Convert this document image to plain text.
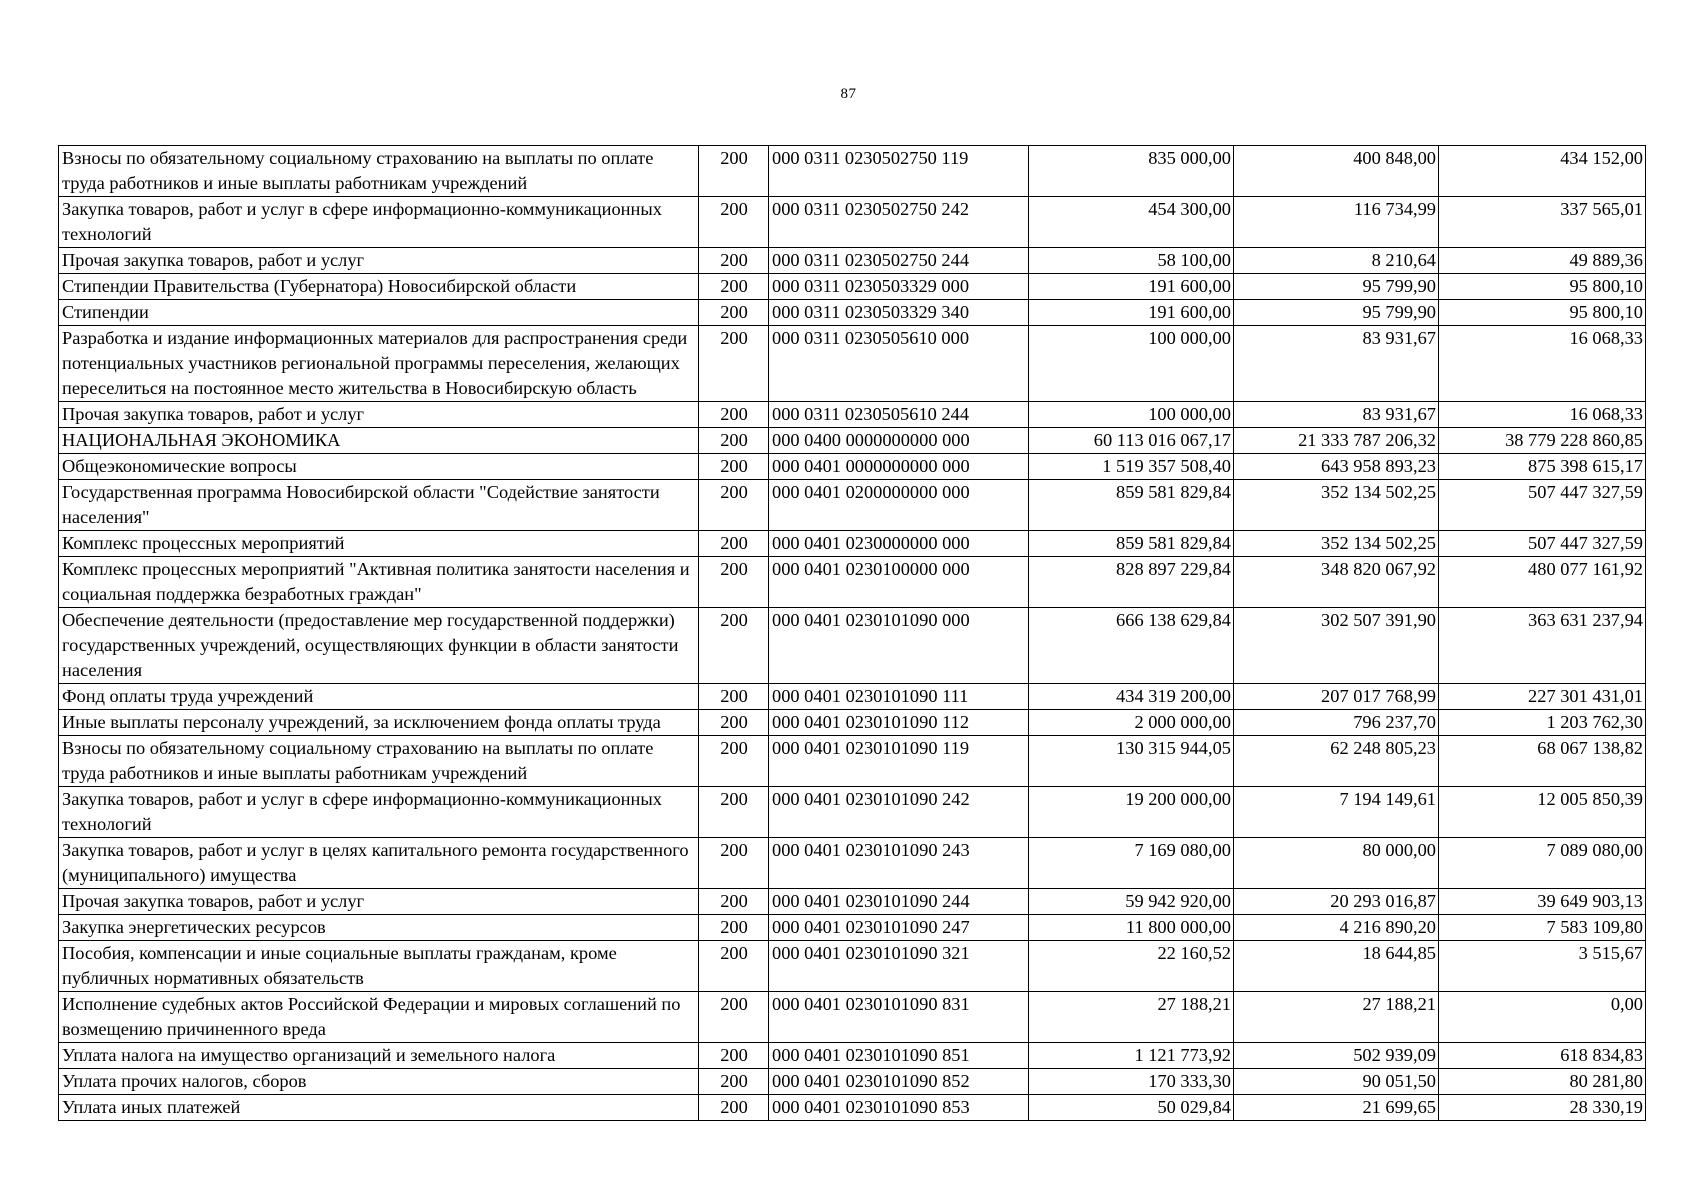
87
Взносы по обязательному социальному страхованию на выплаты по оплате труда работников и иные выплаты работникам учреждений	200	000 0311 0230502750 119	835 000,00	400 848,00	434 152,00
Закупка товаров, работ и услуг в сфере информационно-коммуникационных технологий	200	000 0311 0230502750 242	454 300,00	116 734,99	337 565,01
Прочая закупка товаров, работ и услуг	200	000 0311 0230502750 244	58 100,00	8 210,64	49 889,36
Стипендии Правительства (Губернатора) Новосибирской области	200	000 0311 0230503329 000	191 600,00	95 799,90	95 800,10
Стипендии	200	000 0311 0230503329 340	191 600,00	95 799,90	95 800,10
Разработка и издание информационных материалов для распространения среди потенциальных участников региональной программы переселения, желающих переселиться на постоянное место жительства в Новосибирскую область	200	000 0311 0230505610 000	100 000,00	83 931,67	16 068,33
Прочая закупка товаров, работ и услуг	200	000 0311 0230505610 244	100 000,00	83 931,67	16 068,33
НАЦИОНАЛЬНАЯ ЭКОНОМИКА	200	000 0400 0000000000 000	60 113 016 067,17	21 333 787 206,32	38 779 228 860,85
Общеэкономические вопросы	200	000 0401 0000000000 000	1 519 357 508,40	643 958 893,23	875 398 615,17
Государственная программа Новосибирской области "Содействие занятости населения"	200	000 0401 0200000000 000	859 581 829,84	352 134 502,25	507 447 327,59
Комплекс процессных мероприятий	200	000 0401 0230000000 000	859 581 829,84	352 134 502,25	507 447 327,59
Комплекс процессных мероприятий "Активная политика занятости населения и социальная поддержка безработных граждан"	200	000 0401 0230100000 000	828 897 229,84	348 820 067,92	480 077 161,92
Обеспечение деятельности (предоставление мер государственной поддержки) государственных учреждений, осуществляющих функции в области занятости населения	200	000 0401 0230101090 000	666 138 629,84	302 507 391,90	363 631 237,94
Фонд оплаты труда учреждений	200	000 0401 0230101090 111	434 319 200,00	207 017 768,99	227 301 431,01
Иные выплаты персоналу учреждений, за исключением фонда оплаты труда	200	000 0401 0230101090 112	2 000 000,00	796 237,70	1 203 762,30
Взносы по обязательному социальному страхованию на выплаты по оплате труда работников и иные выплаты работникам учреждений	200	000 0401 0230101090 119	130 315 944,05	62 248 805,23	68 067 138,82
Закупка товаров, работ и услуг в сфере информационно-коммуникационных технологий	200	000 0401 0230101090 242	19 200 000,00	7 194 149,61	12 005 850,39
Закупка товаров, работ и услуг в целях капитального ремонта государственного (муниципального) имущества	200	000 0401 0230101090 243	7 169 080,00	80 000,00	7 089 080,00
Прочая закупка товаров, работ и услуг	200	000 0401 0230101090 244	59 942 920,00	20 293 016,87	39 649 903,13
Закупка энергетических ресурсов	200	000 0401 0230101090 247	11 800 000,00	4 216 890,20	7 583 109,80
Пособия, компенсации и иные социальные выплаты гражданам, кроме публичных нормативных обязательств	200	000 0401 0230101090 321	22 160,52	18 644,85	3 515,67
Исполнение судебных актов Российской Федерации и мировых соглашений по возмещению причиненного вреда	200	000 0401 0230101090 831	27 188,21	27 188,21	0,00
Уплата налога на имущество организаций и земельного налога	200	000 0401 0230101090 851	1 121 773,92	502 939,09	618 834,83
Уплата прочих налогов, сборов	200	000 0401 0230101090 852	170 333,30	90 051,50	80 281,80
Уплата иных платежей	200	000 0401 0230101090 853	50 029,84	21 699,65	28 330,19
